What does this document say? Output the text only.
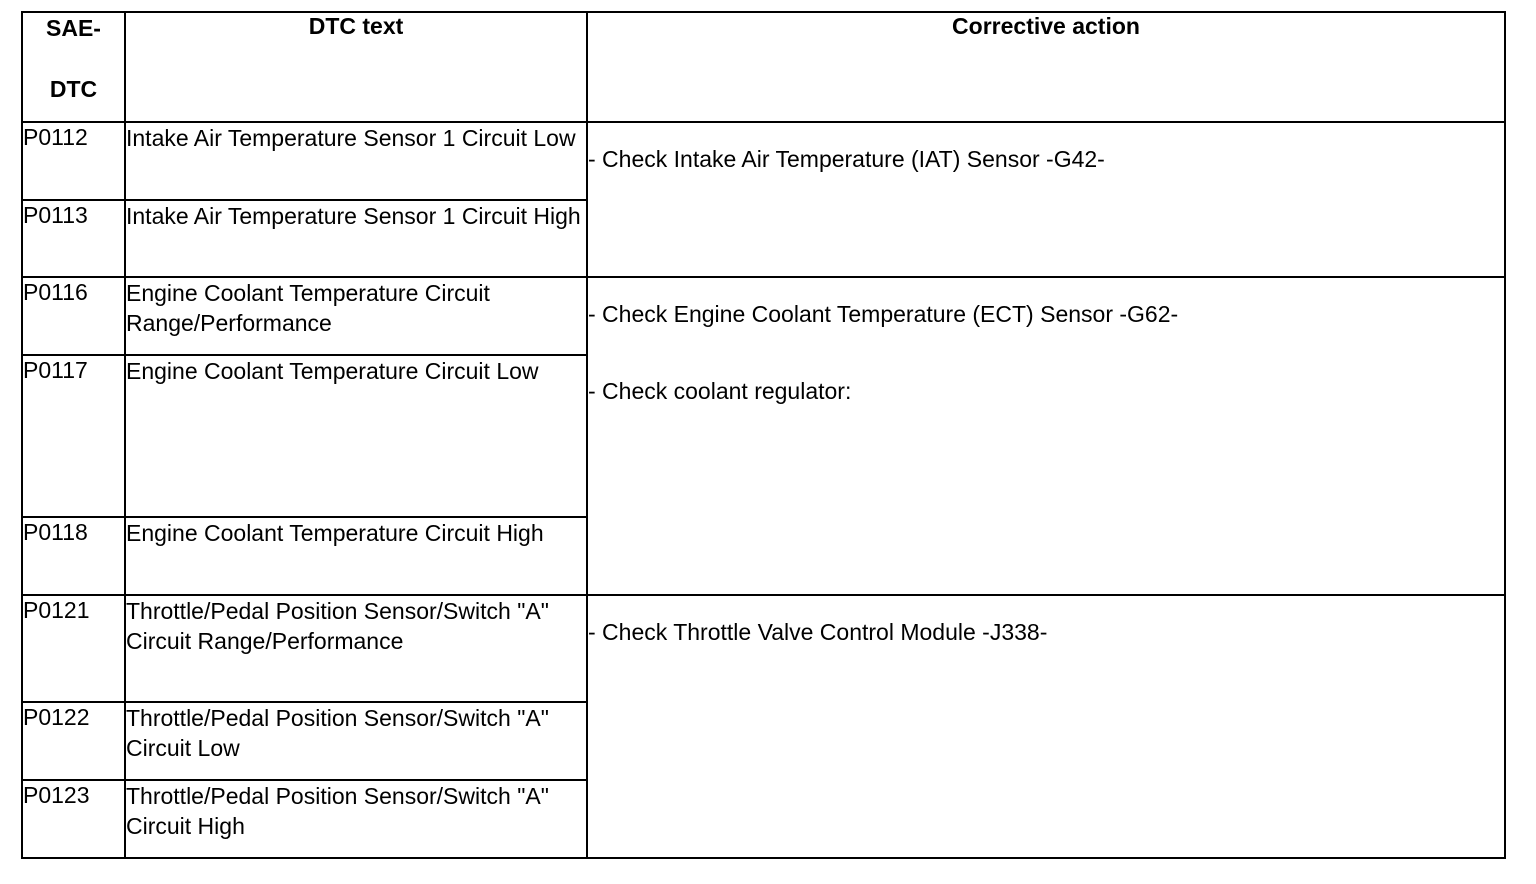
SAE-
DTC	DTC text	Corrective action
P0112	Intake Air Temperature Sensor 1 Circuit Low	- Check Intake Air Temperature (IAT) Sensor -G42-

P0113	Intake Air Temperature Sensor 1 Circuit High	
P0116	Engine Coolant Temperature Circuit Range/Performance	- Check Engine Coolant Temperature (ECT) Sensor -G62-

- Check coolant regulator:

P0117	Engine Coolant Temperature Circuit Low	
P0118	Engine Coolant Temperature Circuit High	
P0121	Throttle/Pedal Position Sensor/Switch "A" Circuit Range/Performance	- Check Throttle Valve Control Module -J338-

P0122	Throttle/Pedal Position Sensor/Switch "A" Circuit Low	
P0123	Throttle/Pedal Position Sensor/Switch "A" Circuit High	
